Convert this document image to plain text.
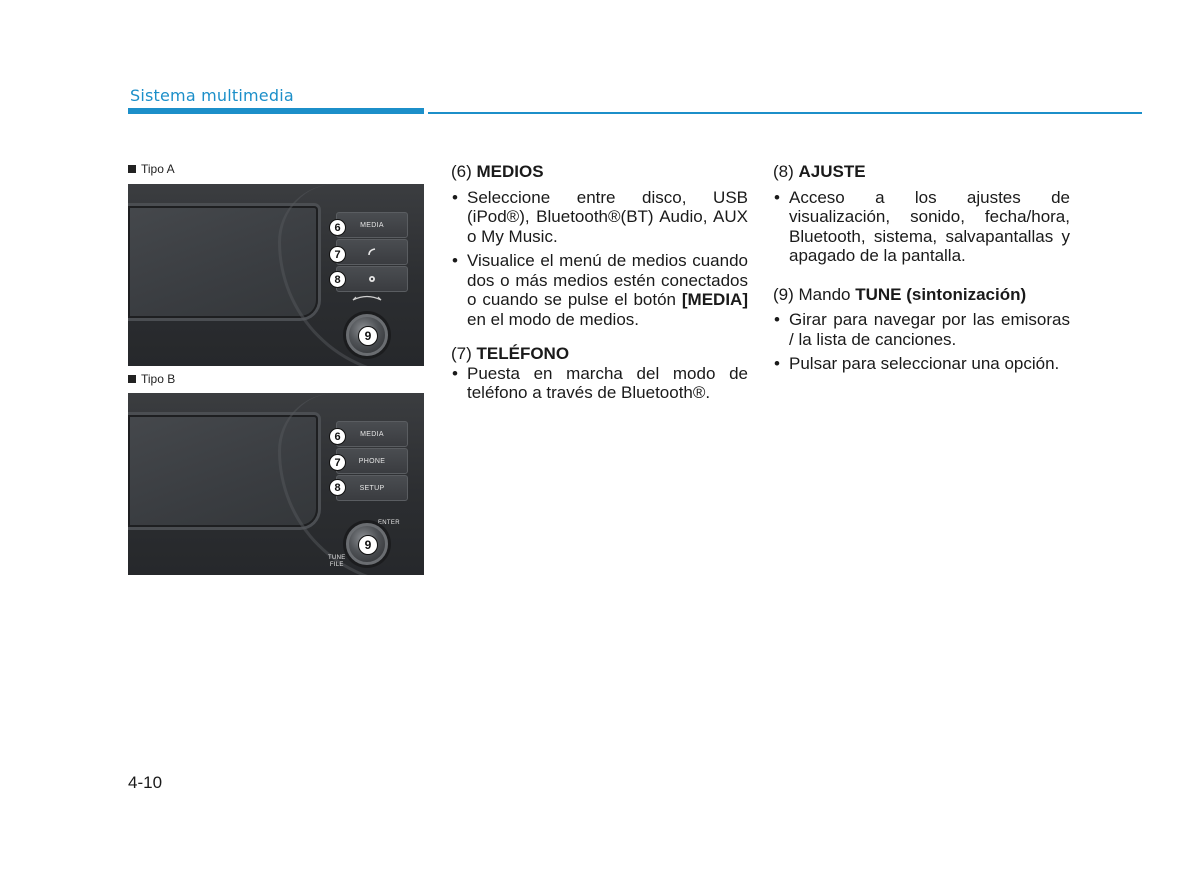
Sistema multimedia
Tipo A
MEDIA
6
7
8
9
Tipo B
MEDIA
PHONE
SETUP
6
7
8
ENTER
TUNE
FILE
9
(6) MEDIOS
• Seleccione entre disco, USB (iPod®), Bluetooth®(BT) Audio, AUX o My Music.
• Visualice el menú de medios cuando dos o más medios estén conectados o cuando se pulse el botón [MEDIA] en el modo de medios.
(7) TELÉFONO
• Puesta en marcha del modo de teléfono a través de Bluetooth®.
(8) AJUSTE
• Acceso a los ajustes de visualización, sonido, fecha/hora, Bluetooth, sistema, salvapantallas y apagado de la pantalla.
(9) Mando TUNE (sintonización)
• Girar para navegar por las emisoras / la lista de canciones.
• Pulsar para seleccionar una opción.
4-10
